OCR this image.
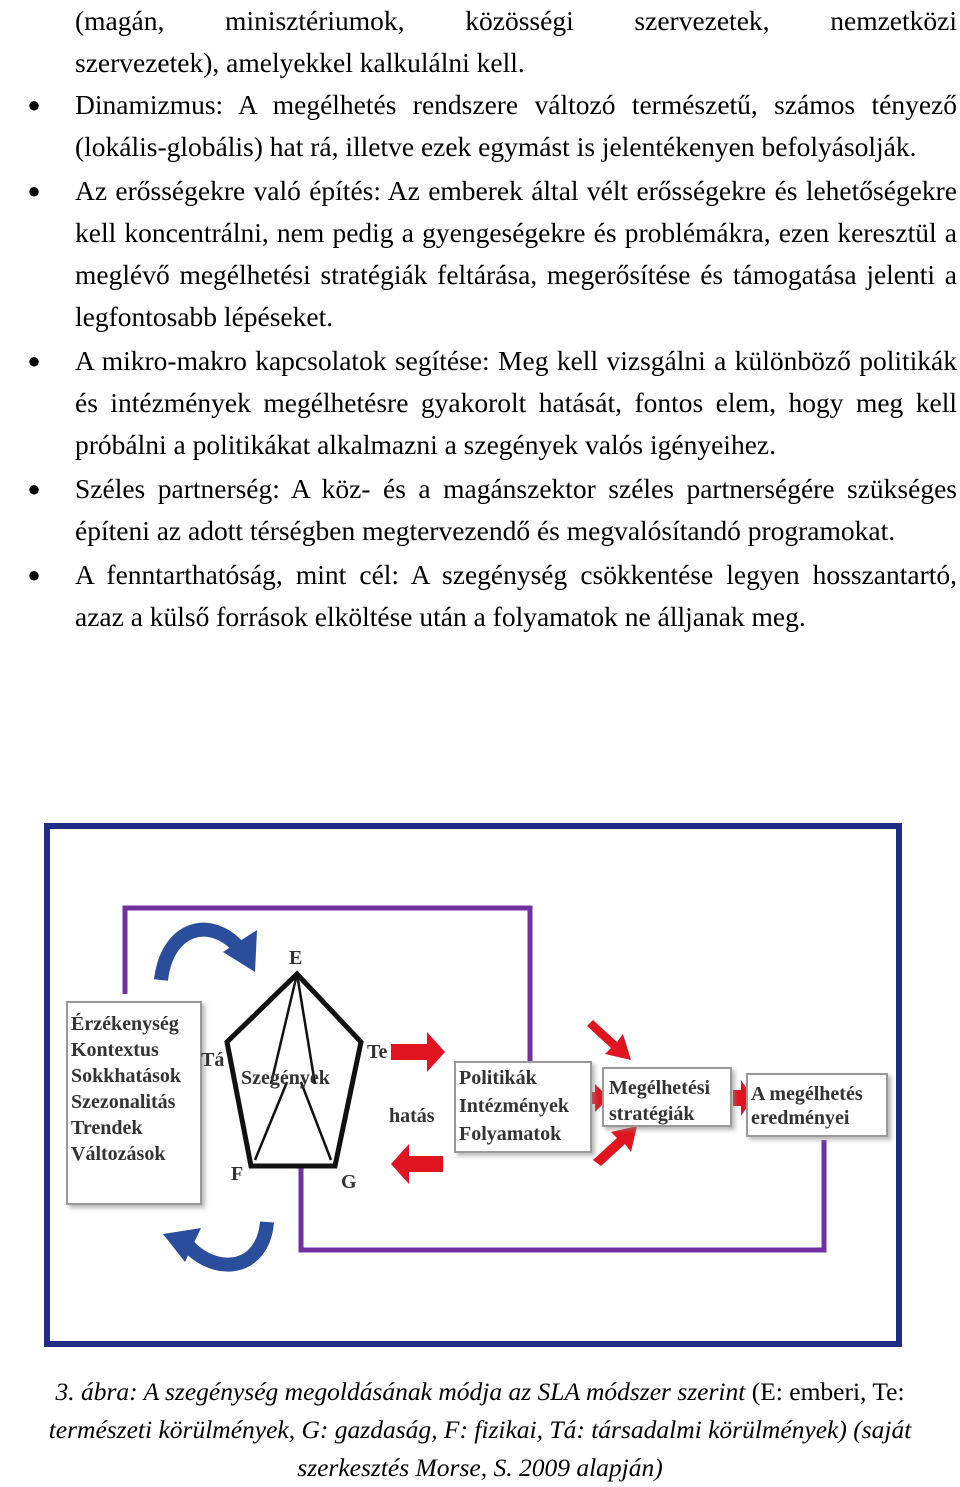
(magán, minisztériumok, közösségi szervezetek, nemzetközi

szervezetek), amelyekkel kalkulálni kell.

● Dinamizmus: A megélhetés rendszere változó természetű, számos tényező (lokális-globális) hat rá, illetve ezek egymást is jelentékenyen befolyásolják.
● Az erősségekre való építés: Az emberek által vélt erősségekre és lehetőségekre kell koncentrálni, nem pedig a gyengeségekre és problémákra, ezen keresztül a meglévő megélhetési stratégiák feltárása, megerősítése és támogatása jelenti a legfontosabb lépéseket.
● A mikro-makro kapcsolatok segítése: Meg kell vizsgálni a különböző politikák és intézmények megélhetésre gyakorolt hatását, fontos elem, hogy meg kell próbálni a politikákat alkalmazni a szegények valós igényeihez.
● Széles partnerség: A köz- és a magánszektor széles partnerségére szükséges építeni az adott térségben megtervezendő és megvalósítandó programokat.
● A fenntarthatóság, mint cél: A szegénység csökkentése legyen hosszantartó, azaz a külső források elköltése után a folyamatok ne álljanak meg.
Érzékenység
Kontextus
Sokkhatások
Szezonalitás
Trendek
Változások
Szegények
E
Te
Tá
F	G
hatás
Politikák
Intézmények
Folyamatok
Megélhetési
stratégiák
A megélhetés
eredményei
3. ábra: A szegénység megoldásának módja az SLA módszer szerint (E: emberi, Te:
természeti körülmények, G: gazdaság, F: fizikai, Tá: társadalmi körülmények) (saját
szerkesztés Morse, S. 2009 alapján)
